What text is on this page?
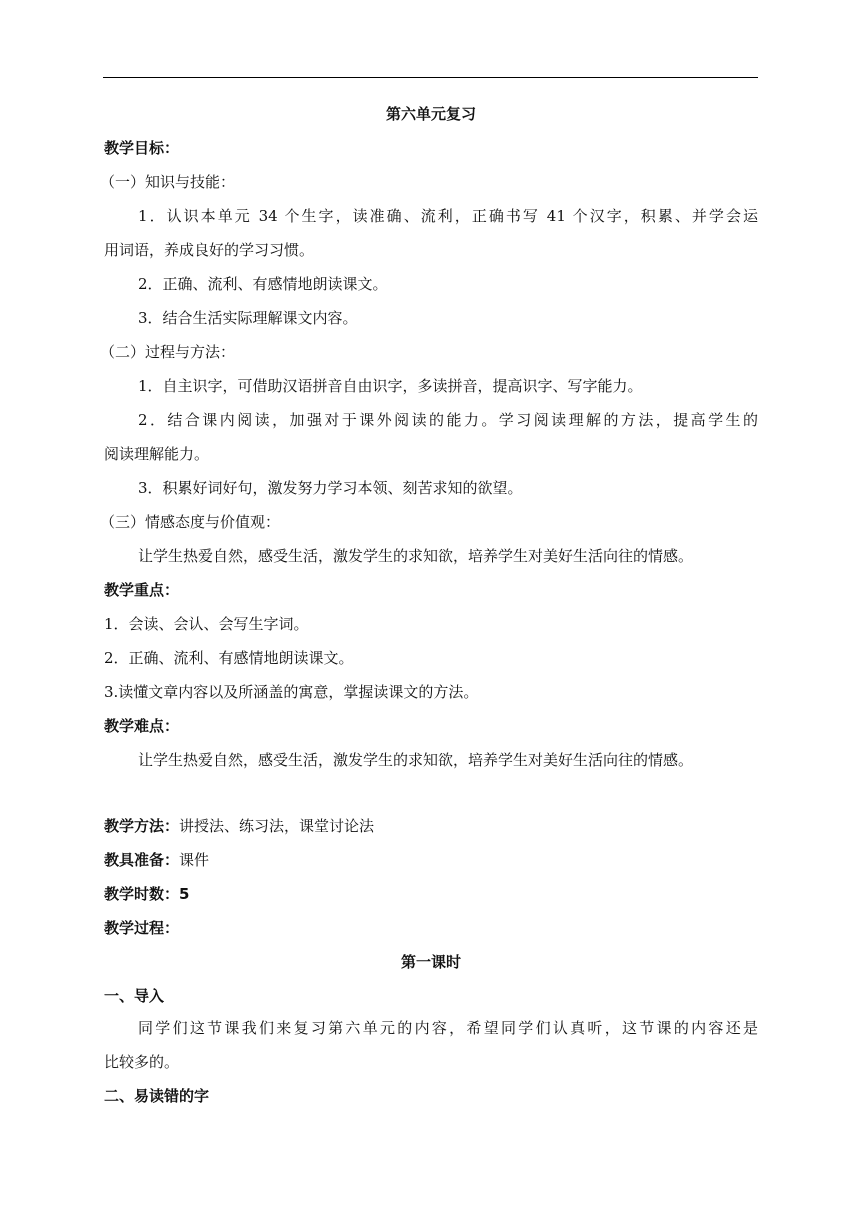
第六单元复习
教学目标：
（一）知识与技能：
1．认识本单元 34 个生字，读准确、流利，正确书写 41 个汉字，积累、并学会运
用词语，养成良好的学习习惯。
2．正确、流利、有感情地朗读课文。
3．结合生活实际理解课文内容。
（二）过程与方法：
1．自主识字，可借助汉语拼音自由识字，多读拼音，提高识字、写字能力。
2．结合课内阅读，加强对于课外阅读的能力。学习阅读理解的方法，提高学生的
阅读理解能力。
3．积累好词好句，激发努力学习本领、刻苦求知的欲望。
（三）情感态度与价值观：
让学生热爱自然，感受生活，激发学生的求知欲，培养学生对美好生活向往的情感。
教学重点：
1．会读、会认、会写生字词。
2．正确、流利、有感情地朗读课文。
3.读懂文章内容以及所涵盖的寓意，掌握读课文的方法。
教学难点：
让学生热爱自然，感受生活，激发学生的求知欲，培养学生对美好生活向往的情感。
教学方法：讲授法、练习法，课堂讨论法
教具准备：课件
教学时数：5
教学过程：
第一课时
一、导入
同学们这节课我们来复习第六单元的内容，希望同学们认真听，这节课的内容还是
比较多的。
二、易读错的字
